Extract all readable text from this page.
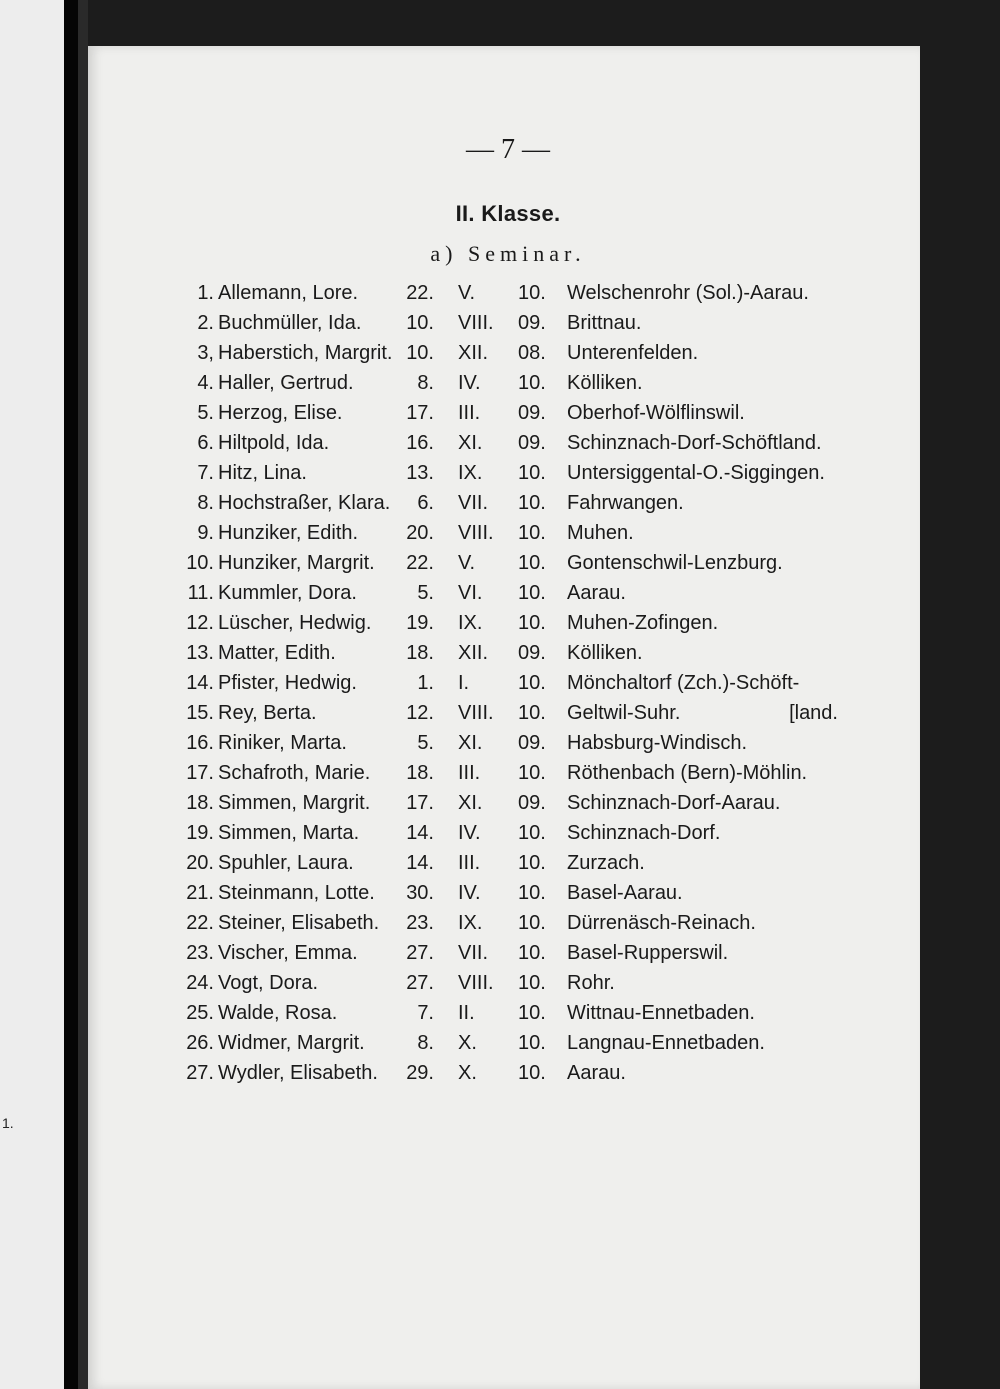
1.
— 7 —
II. Klasse.
a) Seminar.
1. Allemann, Lore. 22. V. 10. Welschenrohr (Sol.)-Aarau.
2. Buchmüller, Ida. 10. VIII. 09. Brittnau.
3, Haberstich, Margrit. 10. XII. 08. Unterenfelden.
4. Haller, Gertrud.	8. IV. 10. Kölliken.
5. Herzog, Elise.	17. III. 09. Oberhof-Wölflinswil.
6. Hiltpold, Ida.	16. XI. 09. Schinznach-Dorf-Schöftland.
7. Hitz, Lina.	13. IX. 10. Untersiggental-O.-Siggingen.
8. Hochstraßer, Klara. 6. VII. 10. Fahrwangen.
9. Hunziker, Edith. 20. VIII. 10. Muhen.
10. Hunziker, Margrit. 22. V. 10. Gontenschwil-Lenzburg.
11. Kummler, Dora.	5. VI. 10. Aarau.
12. Lüscher, Hedwig. 19. IX. 10. Muhen-Zofingen.
13. Matter, Edith.	18. XII. 09. Kölliken.
14. Pfister, Hedwig.	1. I. 10. Mönchaltorf (Zch.)-Schöft-
15. Rey, Berta.	12. VIII. 10. Geltwil-Suhr.	[land.
16. Riniker, Marta.	5. XI. 09. Habsburg-Windisch.
17. Schafroth, Marie. 18. III. 10. Röthenbach (Bern)-Möhlin.
18. Simmen, Margrit. 17. XI. 09. Schinznach-Dorf-Aarau.
19. Simmen, Marta. 14. IV. 10. Schinznach-Dorf.
20. Spuhler, Laura.	14. III. 10. Zurzach.
21. Steinmann, Lotte. 30. IV. 10. Basel-Aarau.
22. Steiner, Elisabeth. 23. IX. 10. Dürrenäsch-Reinach.
23. Vischer, Emma. 27. VII. 10. Basel-Rupperswil.
24. Vogt, Dora.	27. VIII. 10. Rohr.
25. Walde, Rosa.	7. II. 10. Wittnau-Ennetbaden.
26. Widmer, Margrit.	8. X. 10. Langnau-Ennetbaden.
27. Wydler, Elisabeth. 29. X. 10. Aarau.
